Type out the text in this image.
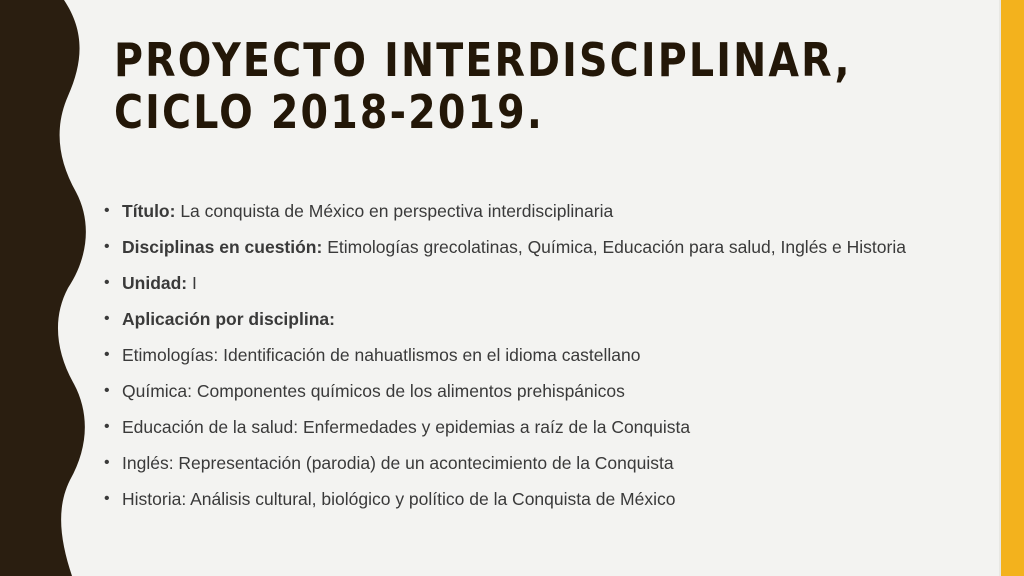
PROYECTO INTERDISCIPLINAR, CICLO 2018-2019.
• Título: La conquista de México en perspectiva interdisciplinaria
• Disciplinas en cuestión: Etimologías grecolatinas, Química, Educación para salud, Inglés e Historia
• Unidad: I
• Aplicación por disciplina:
• Etimologías: Identificación de nahuatlismos en el idioma castellano
• Química: Componentes químicos de los alimentos prehispánicos
• Educación de la salud: Enfermedades y epidemias a raíz de la Conquista
• Inglés: Representación (parodia) de un acontecimiento de la Conquista
• Historia: Análisis cultural, biológico y político de la Conquista de México
